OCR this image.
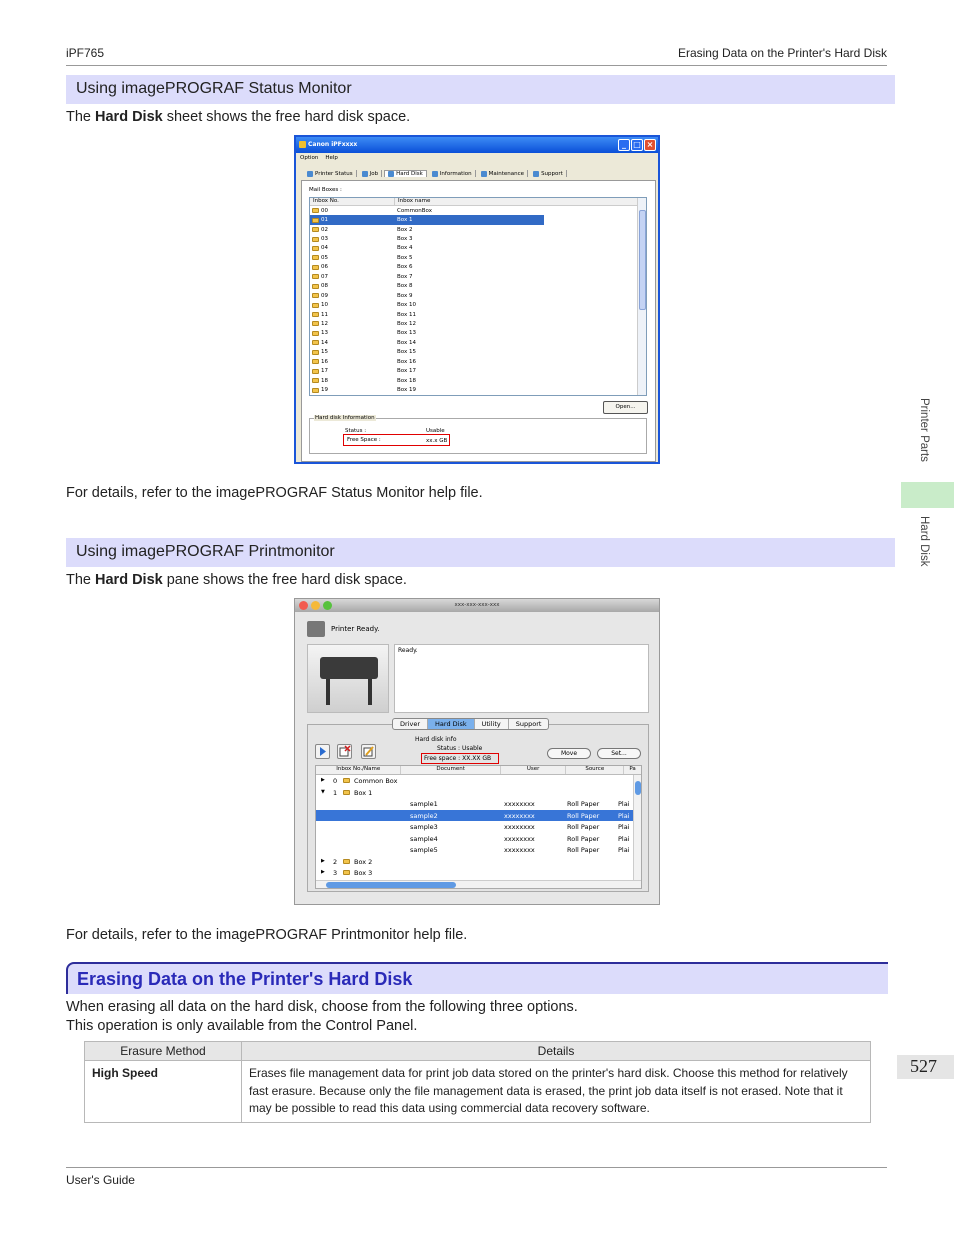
iPF765	Erasing Data on the Printer's Hard Disk
Printer Parts
Hard Disk
527
Using imagePROGRAF Status Monitor
The Hard Disk sheet shows the free hard disk space.
Canon iPFxxxx	_ □ ×
Option Help
Printer Status	Job	Hard Disk	Information	Maintenance	Support
Mail Boxes :
Inbox No.	Inbox name
00	CommonBox
01	Box 1
02	Box 2
03	Box 3
04	Box 4
05	Box 5
06	Box 6
07	Box 7
08	Box 8
09	Box 9
10	Box 10
11	Box 11
12	Box 12
13	Box 13
14	Box 14
15	Box 15
16	Box 16
17	Box 17
18	Box 18
19	Box 19
Open...
Hard disk Information
Status :	Usable
Free Space :	xx.x GB
For details, refer to the imagePROGRAF Status Monitor help file.
Using imagePROGRAF Printmonitor
The Hard Disk pane shows the free hard disk space.
xxx-xxx-xxx-xxx
Printer Ready.
Ready.
Driver	Hard Disk	Utility	Support
Hard disk info
Status : Usable
Free space : XX.XX GB
Move	Set...
Inbox No./Name	Document	User	Source	Pa
▶ 0	Common Box
▼ 1	Box 1
sample1	xxxxxxxx	Roll Paper	Plai
sample2	xxxxxxxx	Roll Paper	Plai
sample3	xxxxxxxx	Roll Paper	Plai
sample4	xxxxxxxx	Roll Paper	Plai
sample5	xxxxxxxx	Roll Paper	Plai
▶ 2	Box 2
▶ 3	Box 3
For details, refer to the imagePROGRAF Printmonitor help file.
Erasing Data on the Printer's Hard Disk
When erasing all data on the hard disk, choose from the following three options.
This operation is only available from the Control Panel.
Erasure Method	Details
High Speed	Erases file management data for print job data stored on the printer's hard disk. Choose this method for relatively fast erasure. Because only the file management data is erased, the print job data itself is not erased. Note that it may be possible to read this data using commercial data recovery software.
User's Guide
